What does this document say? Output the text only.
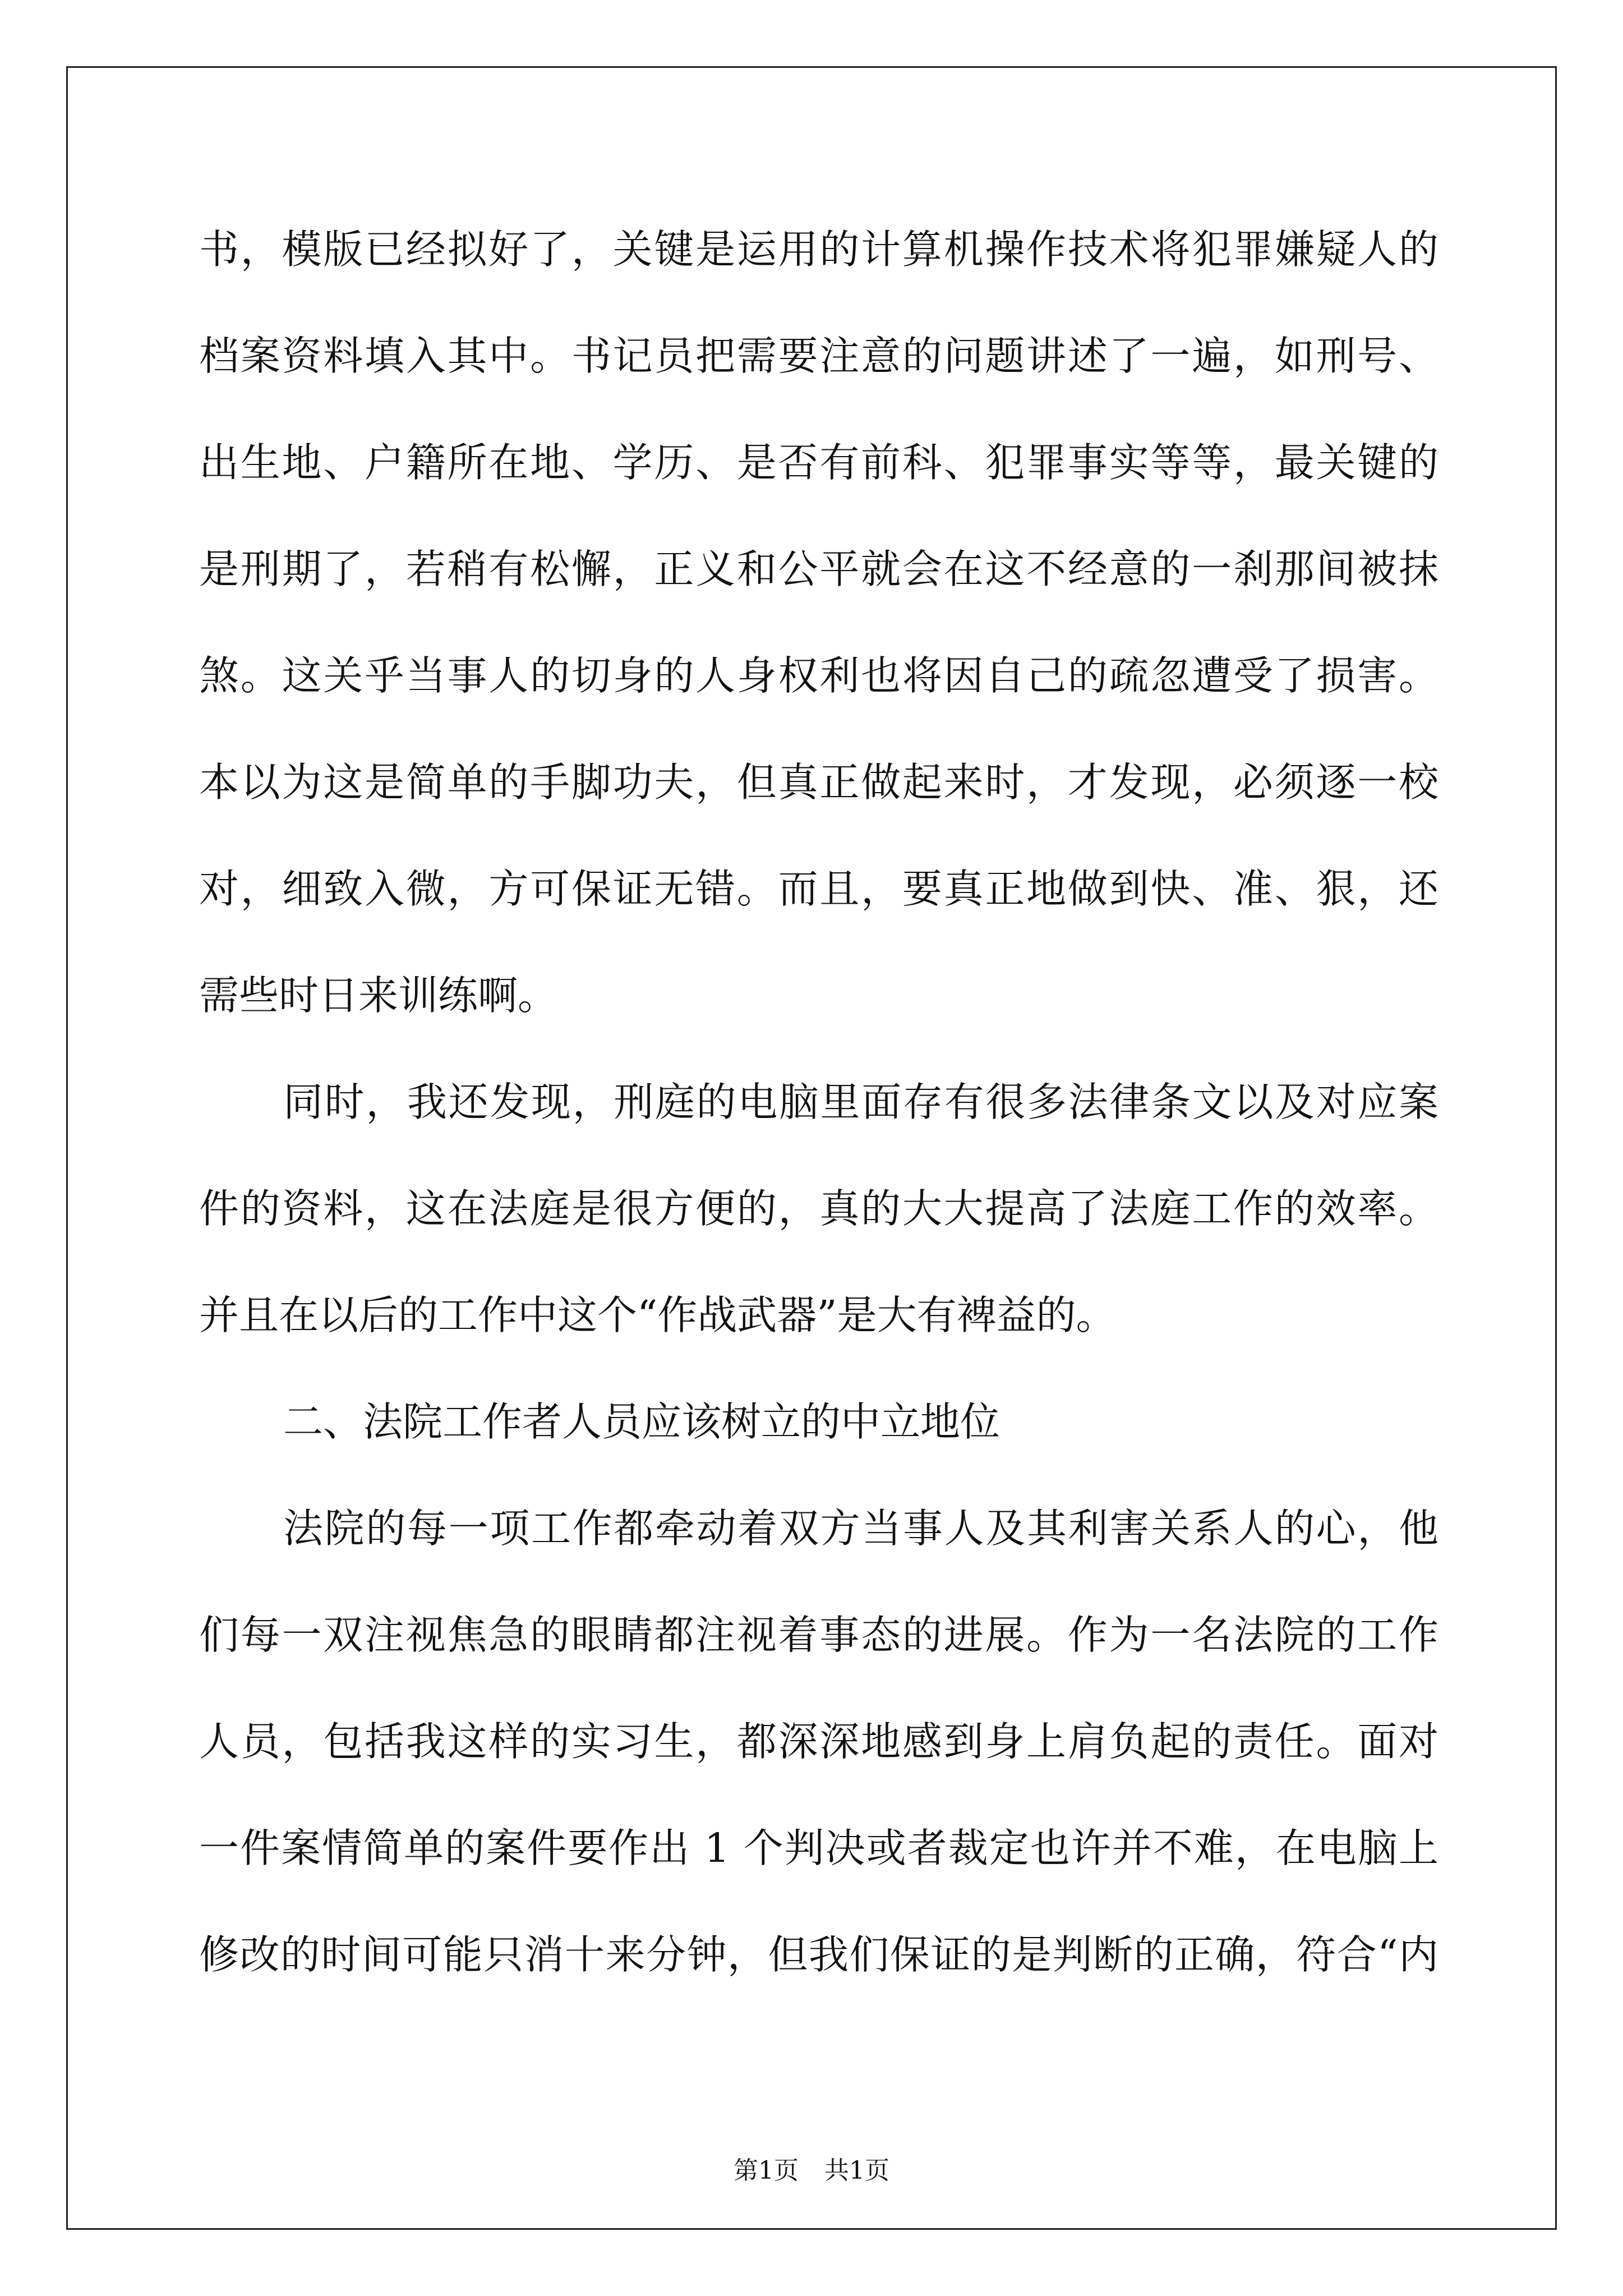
书，模版已经拟好了，关键是运用的计算机操作技术将犯罪嫌疑人的
档案资料填入其中。书记员把需要注意的问题讲述了一遍，如刑号、
出生地、户籍所在地、学历、是否有前科、犯罪事实等等，最关键的
是刑期了，若稍有松懈，正义和公平就会在这不经意的一刹那间被抹
煞。这关乎当事人的切身的人身权利也将因自己的疏忽遭受了损害。
本以为这是简单的手脚功夫，但真正做起来时，才发现，必须逐一校
对，细致入微，方可保证无错。而且，要真正地做到快、准、狠，还
需些时日来训练啊。
同时，我还发现，刑庭的电脑里面存有很多法律条文以及对应案
件的资料，这在法庭是很方便的，真的大大提高了法庭工作的效率。
并且在以后的工作中这个“作战武器”是大有裨益的。
二、法院工作者人员应该树立的中立地位
法院的每一项工作都牵动着双方当事人及其利害关系人的心，他
们每一双注视焦急的眼睛都注视着事态的进展。作为一名法院的工作
人员，包括我这样的实习生，都深深地感到身上肩负起的责任。面对
一件案情简单的案件要作出 1 个判决或者裁定也许并不难，在电脑上
修改的时间可能只消十来分钟，但我们保证的是判断的正确，符合“内
第1页 共1页
